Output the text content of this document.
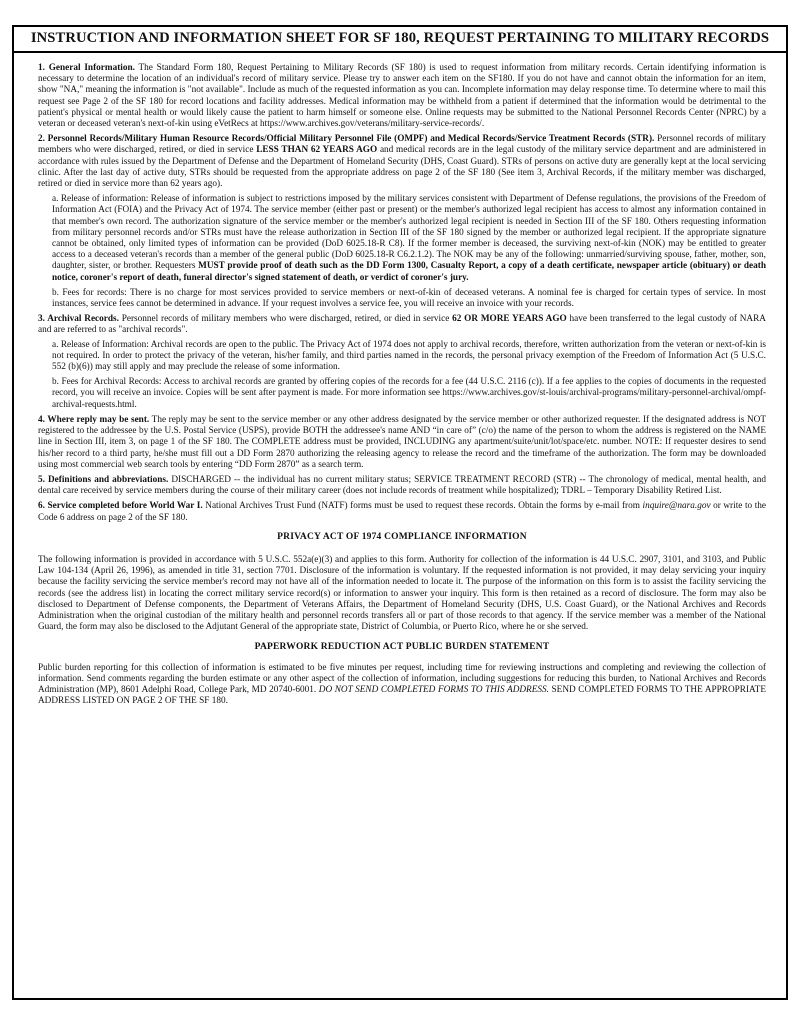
INSTRUCTION AND INFORMATION SHEET FOR SF 180, REQUEST PERTAINING TO MILITARY RECORDS

1. General Information. The Standard Form 180, Request Pertaining to Military Records (SF 180) is used to request information from military records. Certain identifying information is necessary to determine the location of an individual's record of military service. Please try to answer each item on the SF180. If you do not have and cannot obtain the information for an item, show "NA," meaning the information is "not available". Include as much of the requested information as you can. Incomplete information may delay response time. To determine where to mail this request see Page 2 of the SF 180 for record locations and facility addresses. Medical information may be withheld from a patient if determined that the information would be detrimental to the patient's physical or mental health or would likely cause the patient to harm himself or someone else. Online requests may be submitted to the National Personnel Records Center (NPRC) by a veteran or deceased veteran's next-of-kin using eVetRecs at https://www.archives.gov/veterans/military-service-records/.

2. Personnel Records/Military Human Resource Records/Official Military Personnel File (OMPF) and Medical Records/Service Treatment Records (STR). Personnel records of military members who were discharged, retired, or died in service LESS THAN 62 YEARS AGO and medical records are in the legal custody of the military service department and are administered in accordance with rules issued by the Department of Defense and the Department of Homeland Security (DHS, Coast Guard). STRs of persons on active duty are generally kept at the local servicing clinic. After the last day of active duty, STRs should be requested from the appropriate address on page 2 of the SF 180 (See item 3, Archival Records, if the military member was discharged, retired or died in service more than 62 years ago).

a. Release of information: Release of information is subject to restrictions imposed by the military services consistent with Department of Defense regulations, the provisions of the Freedom of Information Act (FOIA) and the Privacy Act of 1974. The service member (either past or present) or the member's authorized legal recipient has access to almost any information contained in that member's own record. The authorization signature of the service member or the member's authorized legal recipient is needed in Section III of the SF 180. Others requesting information from military personnel records and/or STRs must have the release authorization in Section III of the SF 180 signed by the member or authorized legal recipient. If the appropriate signature cannot be obtained, only limited types of information can be provided (DoD 6025.18-R C8). If the former member is deceased, the surviving next-of-kin (NOK) may be entitled to greater access to a deceased veteran's records than a member of the general public (DoD 6025.18-R C6.2.1.2). The NOK may be any of the following: unmarried/surviving spouse, father, mother, son, daughter, sister, or brother. Requesters MUST provide proof of death such as the DD Form 1300, Casualty Report, a copy of a death certificate, newspaper article (obituary) or death notice, coroner's report of death, funeral director's signed statement of death, or verdict of coroner's jury.

b. Fees for records: There is no charge for most services provided to service members or next-of-kin of deceased veterans. A nominal fee is charged for certain types of service. In most instances, service fees cannot be determined in advance. If your request involves a service fee, you will receive an invoice with your records.

3. Archival Records. Personnel records of military members who were discharged, retired, or died in service 62 OR MORE YEARS AGO have been transferred to the legal custody of NARA and are referred to as "archival records".

a. Release of Information: Archival records are open to the public. The Privacy Act of 1974 does not apply to archival records, therefore, written authorization from the veteran or next-of-kin is not required. In order to protect the privacy of the veteran, his/her family, and third parties named in the records, the personal privacy exemption of the Freedom of Information Act (5 U.S.C. 552 (b)(6)) may still apply and may preclude the release of some information.

b. Fees for Archival Records: Access to archival records are granted by offering copies of the records for a fee (44 U.S.C. 2116 (c)). If a fee applies to the copies of documents in the requested record, you will receive an invoice. Copies will be sent after payment is made. For more information see https://www.archives.gov/st-louis/archival-programs/military-personnel-archival/ompf-archival-requests.html.

4. Where reply may be sent. The reply may be sent to the service member or any other address designated by the service member or other authorized requester. If the designated address is NOT registered to the addressee by the U.S. Postal Service (USPS), provide BOTH the addressee's name AND “in care of” (c/o) the name of the person to whom the address is registered on the NAME line in Section III, item 3, on page 1 of the SF 180. The COMPLETE address must be provided, INCLUDING any apartment/suite/unit/lot/space/etc. number. NOTE: If requester desires to send his/her record to a third party, he/she must fill out a DD Form 2870 authorizing the releasing agency to release the record and the timeframe of the authorization. The form may be downloaded using most commercial web search tools by entering “DD Form 2870” as a search term.

5. Definitions and abbreviations. DISCHARGED -- the individual has no current military status; SERVICE TREATMENT RECORD (STR) -- The chronology of medical, mental health, and dental care received by service members during the course of their military career (does not include records of treatment while hospitalized); TDRL – Temporary Disability Retired List.

6. Service completed before World War I. National Archives Trust Fund (NATF) forms must be used to request these records. Obtain the forms by e-mail from inquire@nara.gov or write to the Code 6 address on page 2 of the SF 180.

PRIVACY ACT OF 1974 COMPLIANCE INFORMATION

The following information is provided in accordance with 5 U.S.C. 552a(e)(3) and applies to this form. Authority for collection of the information is 44 U.S.C. 2907, 3101, and 3103, and Public Law 104-134 (April 26, 1996), as amended in title 31, section 7701. Disclosure of the information is voluntary. If the requested information is not provided, it may delay servicing your inquiry because the facility servicing the service member's record may not have all of the information needed to locate it. The purpose of the information on this form is to assist the facility servicing the records (see the address list) in locating the correct military service record(s) or information to answer your inquiry. This form is then retained as a record of disclosure. The form may also be disclosed to Department of Defense components, the Department of Veterans Affairs, the Department of Homeland Security (DHS, U.S. Coast Guard), or the National Archives and Records Administration when the original custodian of the military health and personnel records transfers all or part of those records to that agency. If the service member was a member of the National Guard, the form may also be disclosed to the Adjutant General of the appropriate state, District of Columbia, or Puerto Rico, where he or she served.

PAPERWORK REDUCTION ACT PUBLIC BURDEN STATEMENT

Public burden reporting for this collection of information is estimated to be five minutes per request, including time for reviewing instructions and completing and reviewing the collection of information. Send comments regarding the burden estimate or any other aspect of the collection of information, including suggestions for reducing this burden, to National Archives and Records Administration (MP), 8601 Adelphi Road, College Park, MD 20740-6001. DO NOT SEND COMPLETED FORMS TO THIS ADDRESS. SEND COMPLETED FORMS TO THE APPROPRIATE ADDRESS LISTED ON PAGE 2 OF THE SF 180.
